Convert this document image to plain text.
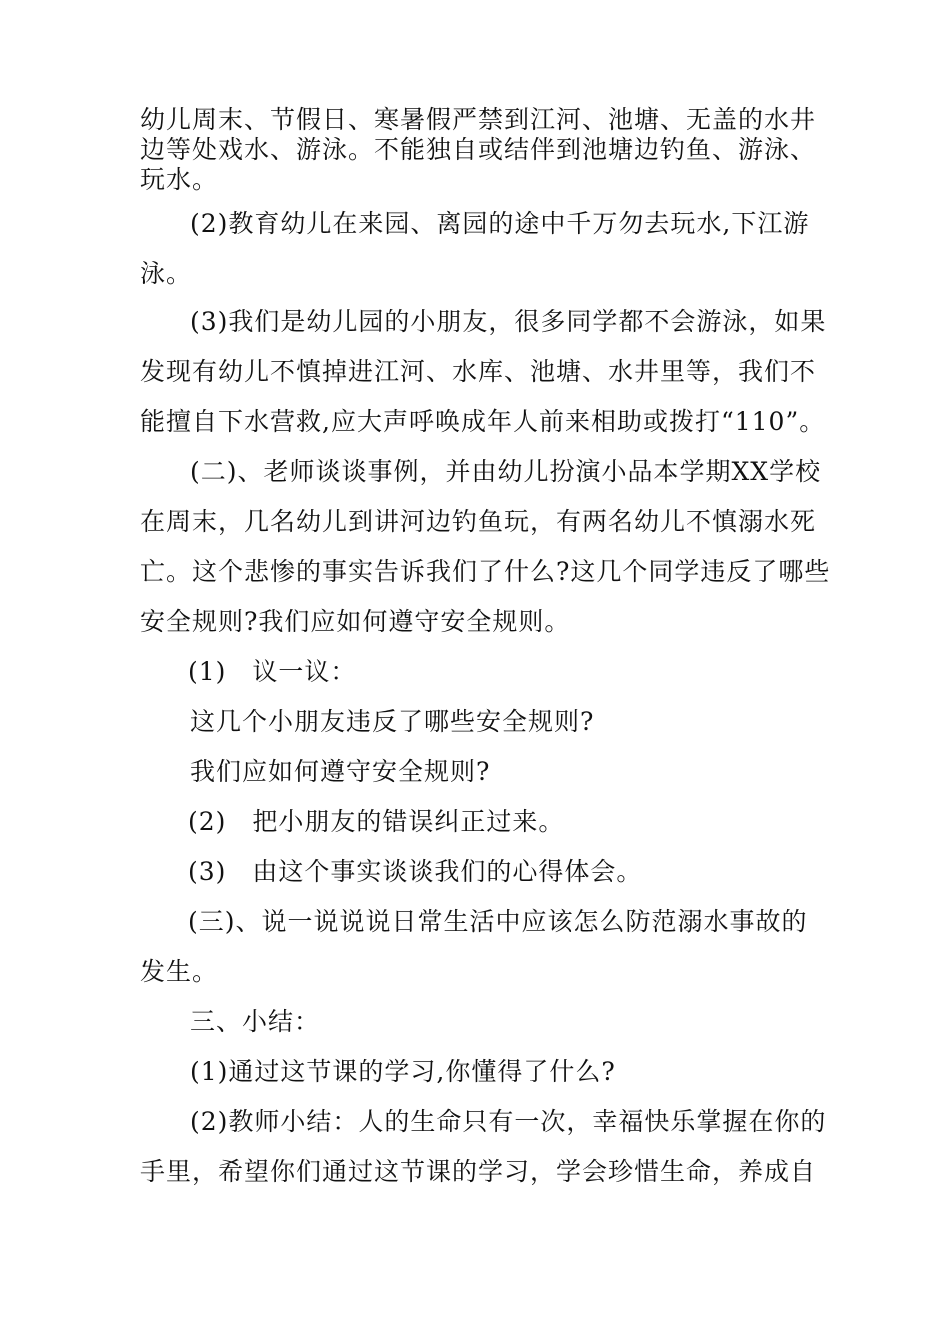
幼儿周末、节假日、寒暑假严禁到江河、池塘、无盖的水井
边等处戏水、游泳。不能独自或结伴到池塘边钓鱼、游泳、
玩水。
(2)教育幼儿在来园、离园的途中千万勿去玩水,下江游
泳。
(3)我们是幼儿园的小朋友，很多同学都不会游泳，如果
发现有幼儿不慎掉进江河、水库、池塘、水井里等，我们不
能擅自下水营救,应大声呼唤成年人前来相助或拨打“110”。
(二)、老师谈谈事例，并由幼儿扮演小品本学期XX学校
在周末，几名幼儿到讲河边钓鱼玩，有两名幼儿不慎溺水死
亡。这个悲惨的事实告诉我们了什么?这几个同学违反了哪些
安全规则?我们应如何遵守安全规则。
(1)　议一议：
这几个小朋友违反了哪些安全规则?
我们应如何遵守安全规则?
(2)　把小朋友的错误纠正过来。
(3)　由这个事实谈谈我们的心得体会。
(三)、说一说说说日常生活中应该怎么防范溺水事故的
发生。
三、小结：
(1)通过这节课的学习,你懂得了什么?
(2)教师小结：人的生命只有一次，幸福快乐掌握在你的
手里，希望你们通过这节课的学习，学会珍惜生命，养成自
